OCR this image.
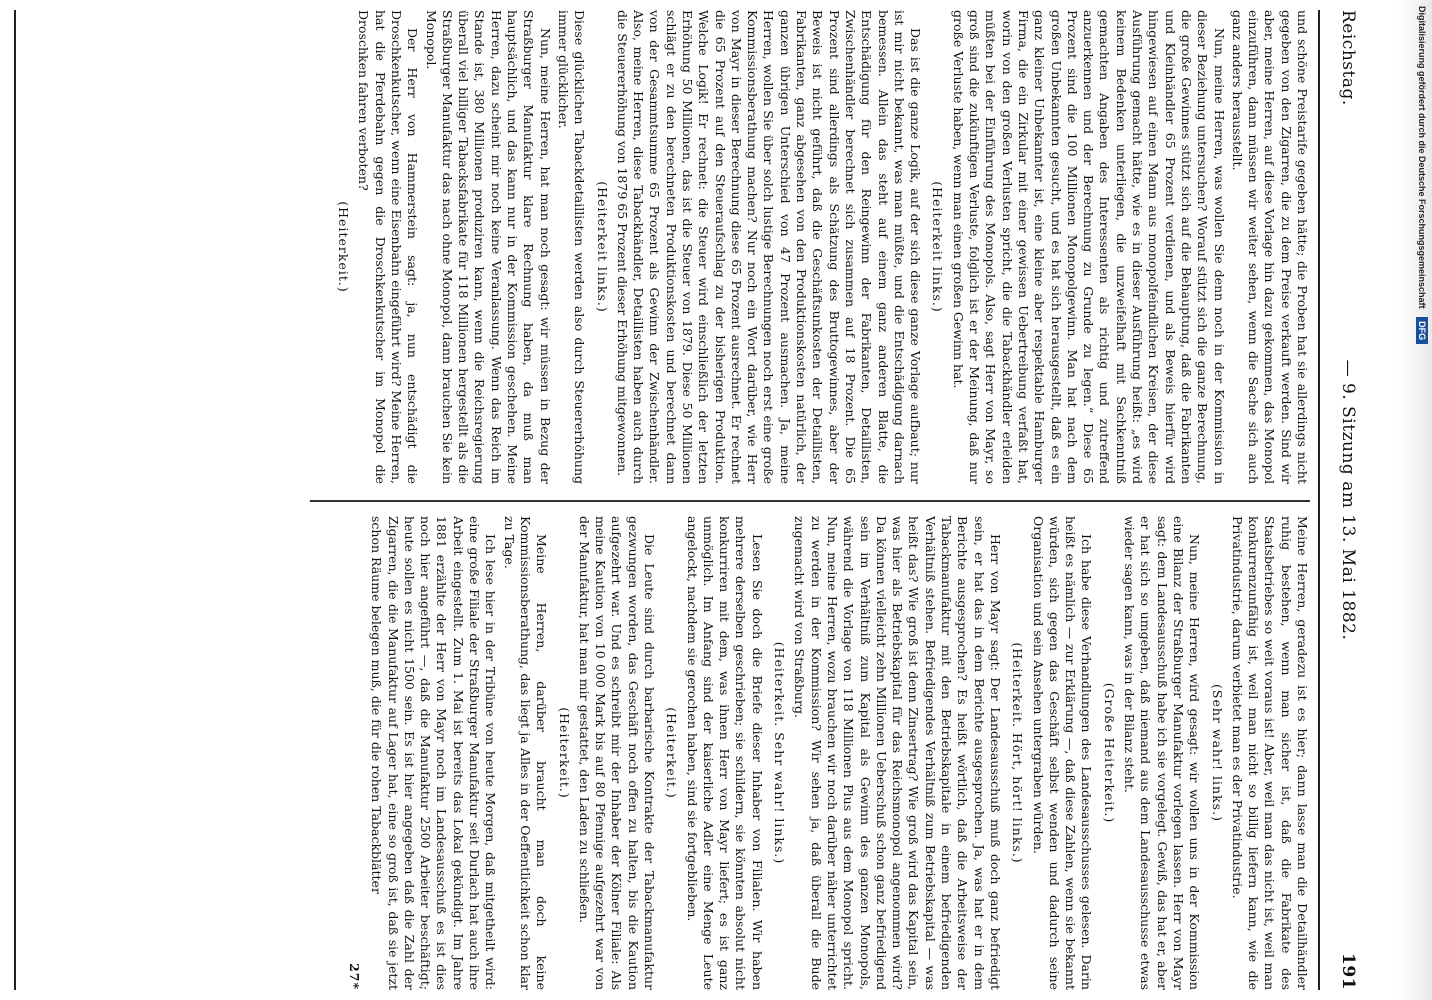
Reichstag.
— 9. Sitzung am 13. Mai 1882.
191

und schöne Preistarife gegeben hätte; die Proben hat sie allerdings nicht gegeben von den Zigarren, die zu dem Preise verkauft werden. Sind wir aber, meine Herren, auf diese Vorlage hin dazu gekommen, das Monopol einzuführen, dann müssen wir weiter sehen, wenn die Sache sich auch ganz anders herausstellt.

Nun, meine Herren, was wollen Sie denn noch in der Kommission in dieser Beziehung untersuchen? Worauf stützt sich die ganze Berechnung, die große Gewinnes stützt sich auf die Behauptung, daß die Fabrikanten und Kleinhändler 65 Prozent verdienen, und als Beweis hierfür wird hingewiesen auf einen Mann aus monopolfeindlichen Kreisen, der diese Ausführung gemacht hätte, wie es in dieser Ausführung heißt: „es wird keinem Bedenken unterliegen, die unzweifelhaft mit Sachkenntniß gemachten Angaben des Interessenten als richtig und zutreffend anzuerkennen und der Berechnung zu Grunde zu legen.“ Diese 65 Prozent sind die 100 Millionen Monopolgewinn. Man hat nach dem großen Unbekannten gesucht, und es hat sich herausgestellt, daß es ein ganz kleiner Unbekannter ist, eine kleine aber respektable Hamburger Firma, die ein Zirkular mit einer gewissen Uebertreibung verfaßt hat, worin von den großen Verlusten spricht, die die Tabackhändler erleiden müßten bei der Einführung des Monopols. Also, sagt Herr von Mayr, so groß sind die zukünftigen Verluste, folglich ist er der Meinung, daß nur große Verluste haben, wenn man einen großen Gewinn hat.

(Heiterkeit links.)

Das ist die ganze Logik, auf der sich diese ganze Vorlage aufbaut; nur ist mir nicht bekannt, was man müßte, und die Entschädigung darnach bemessen. Allein das steht auf einem ganz anderen Blatte, die Entschädigung für den Reingewinn der Fabrikanten, Detaillisten, Zwischenhändler berechnet sich zusammen auf 18 Prozent. Die 65 Prozent sind allerdings als Schätzung des Bruttogewinnes, aber der Beweis ist nicht geführt, daß die Geschäftsunkosten der Detaillisten, Fabrikanten, ganz abgesehen von den Produktionskosten natürlich, der ganzen übrigen Unterschied von 47 Prozent ausmachen. Ja, meine Herren, wollen Sie über solch lustige Berechnungen noch erst eine große Kommissionsberathung machen? Nur noch ein Wort darüber, wie Herr von Mayr in dieser Berechnung diese 65 Prozent ausrechnet. Er rechnet die 65 Prozent auf den Steueraufschlag zu der bisherigen Produktion. Welche Logik! Er rechnet: die Steuer wird einschließlich der letzten Erhöhung 50 Millionen, das ist die Steuer von 1879. Diese 50 Millionen schlägt er zu den berechneten Produktionskosten und berechnet dann von der Gesammtsumme 65 Prozent als Gewinn der Zwischenhändler. Also, meine Herren, diese Tabackhändler, Detaillisten haben auch durch die Steuererhöhung von 1879 65 Prozent dieser Erhöhung mitgewonnen.

(Heiterkeit links.)

Diese glücklichen Tabackdetaillisten werden also durch Steuererhöhung immer glücklicher.

Nun, meine Herren, hat man noch gesagt: wir müssen in Bezug der Straßburger Manufaktur klare Rechnung haben, da muß man hauptsächlich, und das kann nur in der Kommission geschehen. Meine Herren, dazu scheint mir noch keine Veranlassung. Wenn das Reich im Stande ist, 380 Millionen produziren kann, wenn die Reichsregierung überall viel billiger Tabacksfabrikate für 118 Millionen hergestellt als die Straßburger Manufaktur das nach ohne Monopol, dann brauchen Sie kein Monopol.

Der Herr von Hammerstein sagt: ja, nun entschädigt die Droschkenkutscher, wenn eine Eisenbahn eingeführt wird? Meine Herren, hat die Pferdebahn gegen die Droschkenkutscher im Monopol die Droschken fahren verboten?

(Heiterkeit.)

Meine Herren, geradezu ist es hier; dann lasse man die Detailhändler ruhig bestehen, wenn man sicher ist, daß die Fabrikate des Staatsbetriebes so weit voraus ist! Aber, weil man das nicht ist, weil man konkurrenzunfähig ist, weil man nicht so billig liefern kann, wie die Privatindustrie, darum verbietet man es der Privatindustrie.

(Sehr wahr! links.)

Nun, meine Herren, wird gesagt: wir wollen uns in der Kommission eine Bilanz der Straßburger Manufaktur vorlegen lassen. Herr von Mayr sagt: dem Landesausschuß habe ich sie vorgelegt. Gewiß, das hat er, aber er hat sich so umgeben, daß niemand aus dem Landesausschusse etwas wieder sagen kann, was in der Bilanz steht.

(Große Heiterkeit.)

Ich habe diese Verhandlungen des Landesausschusses gelesen. Darin heißt es nämlich — zur Erklärung —, daß diese Zahlen, wenn sie bekannt würden, sich gegen das Geschäft selbst wenden und dadurch seine Organisation und sein Ansehen untergraben würden.

(Heiterkeit. Hört, hört! links.)

Herr von Mayr sagt: Der Landesausschuß muß doch ganz befriedigt sein, er hat das in dem Berichte ausgesprochen. Ja, was hat er in dem Berichte ausgesprochen? Es heißt wörtlich, daß die Arbeitsweise der Tabackmanufaktur mit den Betriebskapitale in einem befriedigenden Verhältniß stehen. Befriedigendes Verhältniß zum Betriebskapital — was heißt das? Wie groß ist denn Zinsertrag? Wie groß wird das Kapital sein, was hier als Betriebskapital für das Reichsmonopol angenommen wird? Da können vielleicht zehn Millionen Ueberschuß schon ganz befriedigend sein im Verhältniß zum Kapital als Gewinn des ganzen Monopols, während die Vorlage von 118 Millionen Plus aus dem Monopol spricht. Nun, meine Herren, wozu brauchen wir noch darüber näher unterrichtet zu werden in der Kommission? Wir sehen ja, daß überall die Bude zugemacht wird von Straßburg.

(Heiterkeit. Sehr wahr! links.)

Lesen Sie doch die Briefe dieser Inhaber von Filialen. Wir haben mehrere derselben geschrieben; sie schildern, sie könnten absolut nicht konkurriren mit dem, was ihnen Herr von Mayr liefert; es ist ganz unmöglich. Im Anfang sind der kaiserliche Adler eine Menge Leute angelockt, nachdem sie gerochen haben, sind sie fortgeblieben.

(Heiterkeit.)

Die Leute sind durch barbarische Kontrakte der Tabackmanufaktur gezwungen worden, das Geschäft noch offen zu halten, bis die Kaution aufgezehrt war. Und es schreibt mir der Inhaber der Kölner Filiale: Als meine Kaution von 10 000 Mark bis auf 80 Pfennige aufgezehrt war von der Manufaktur, hat man mir gestattet, den Laden zu schließen.

(Heiterkeit.)

Meine Herren, darüber braucht man doch keine Kommissionsberathung, das liegt ja Alles in der Oeffentlichkeit schon klar zu Tage.

Ich lese hier in der Tribüne von heute Morgen, daß mitgetheilt wird: eine große Filiale der Straßburger Manufaktur seit Durlach hat auch ihre Arbeit eingestellt. Zum 1. Mai ist bereits das Lokal gekündigt. Im Jahre 1881 erzählte der Herr von Mayr noch im Landesausschuß es ist dies noch hier angeführt —, daß die Manufaktur 2500 Arbeiter beschäftigt; heute sollen es nicht 1500 sein. Es ist hier angegeben daß die Zahl der Zigarren, die die Manufaktur auf Lager hat, eine so groß ist, daß sie jetzt schon Räume belegen muß, die für die rohen Tabackblätter

27*
Digitalisierung gefördert durch die Deutsche Forschungsgemeinschaft DFG
